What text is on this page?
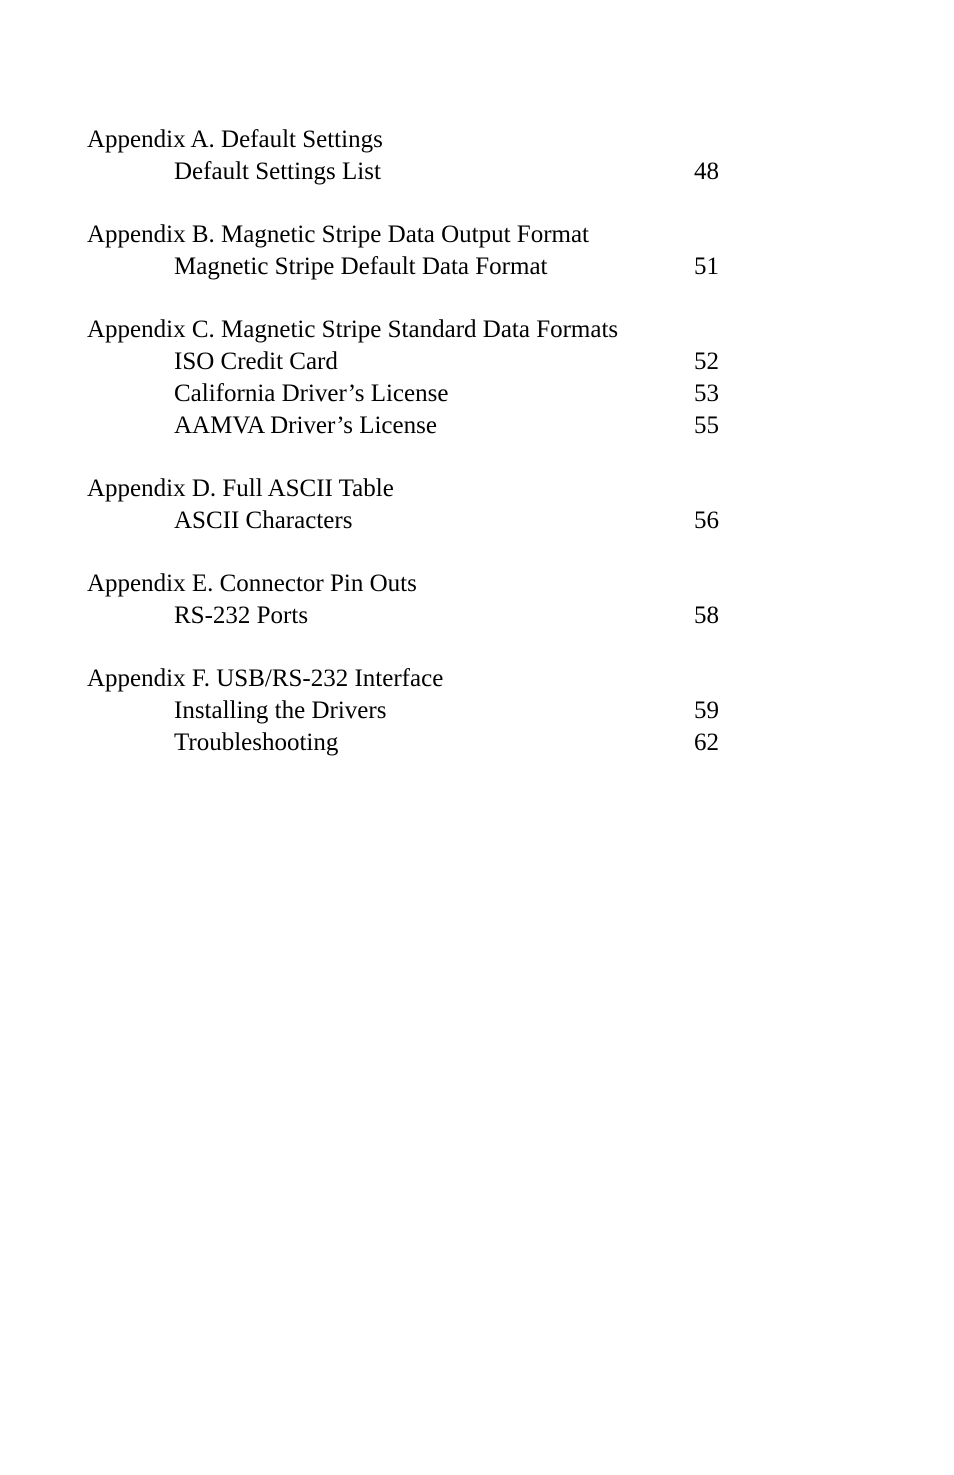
Appendix A. Default Settings
Default Settings List	48
Appendix B. Magnetic Stripe Data Output Format
Magnetic Stripe Default Data Format	51
Appendix C. Magnetic Stripe Standard Data Formats
ISO Credit Card	52
California Driver’s License	53
AAMVA Driver’s License	55
Appendix D. Full ASCII Table
ASCII Characters	56
Appendix E. Connector Pin Outs
RS-232 Ports	58
Appendix F. USB/RS-232 Interface
Installing the Drivers	59
Troubleshooting	62
